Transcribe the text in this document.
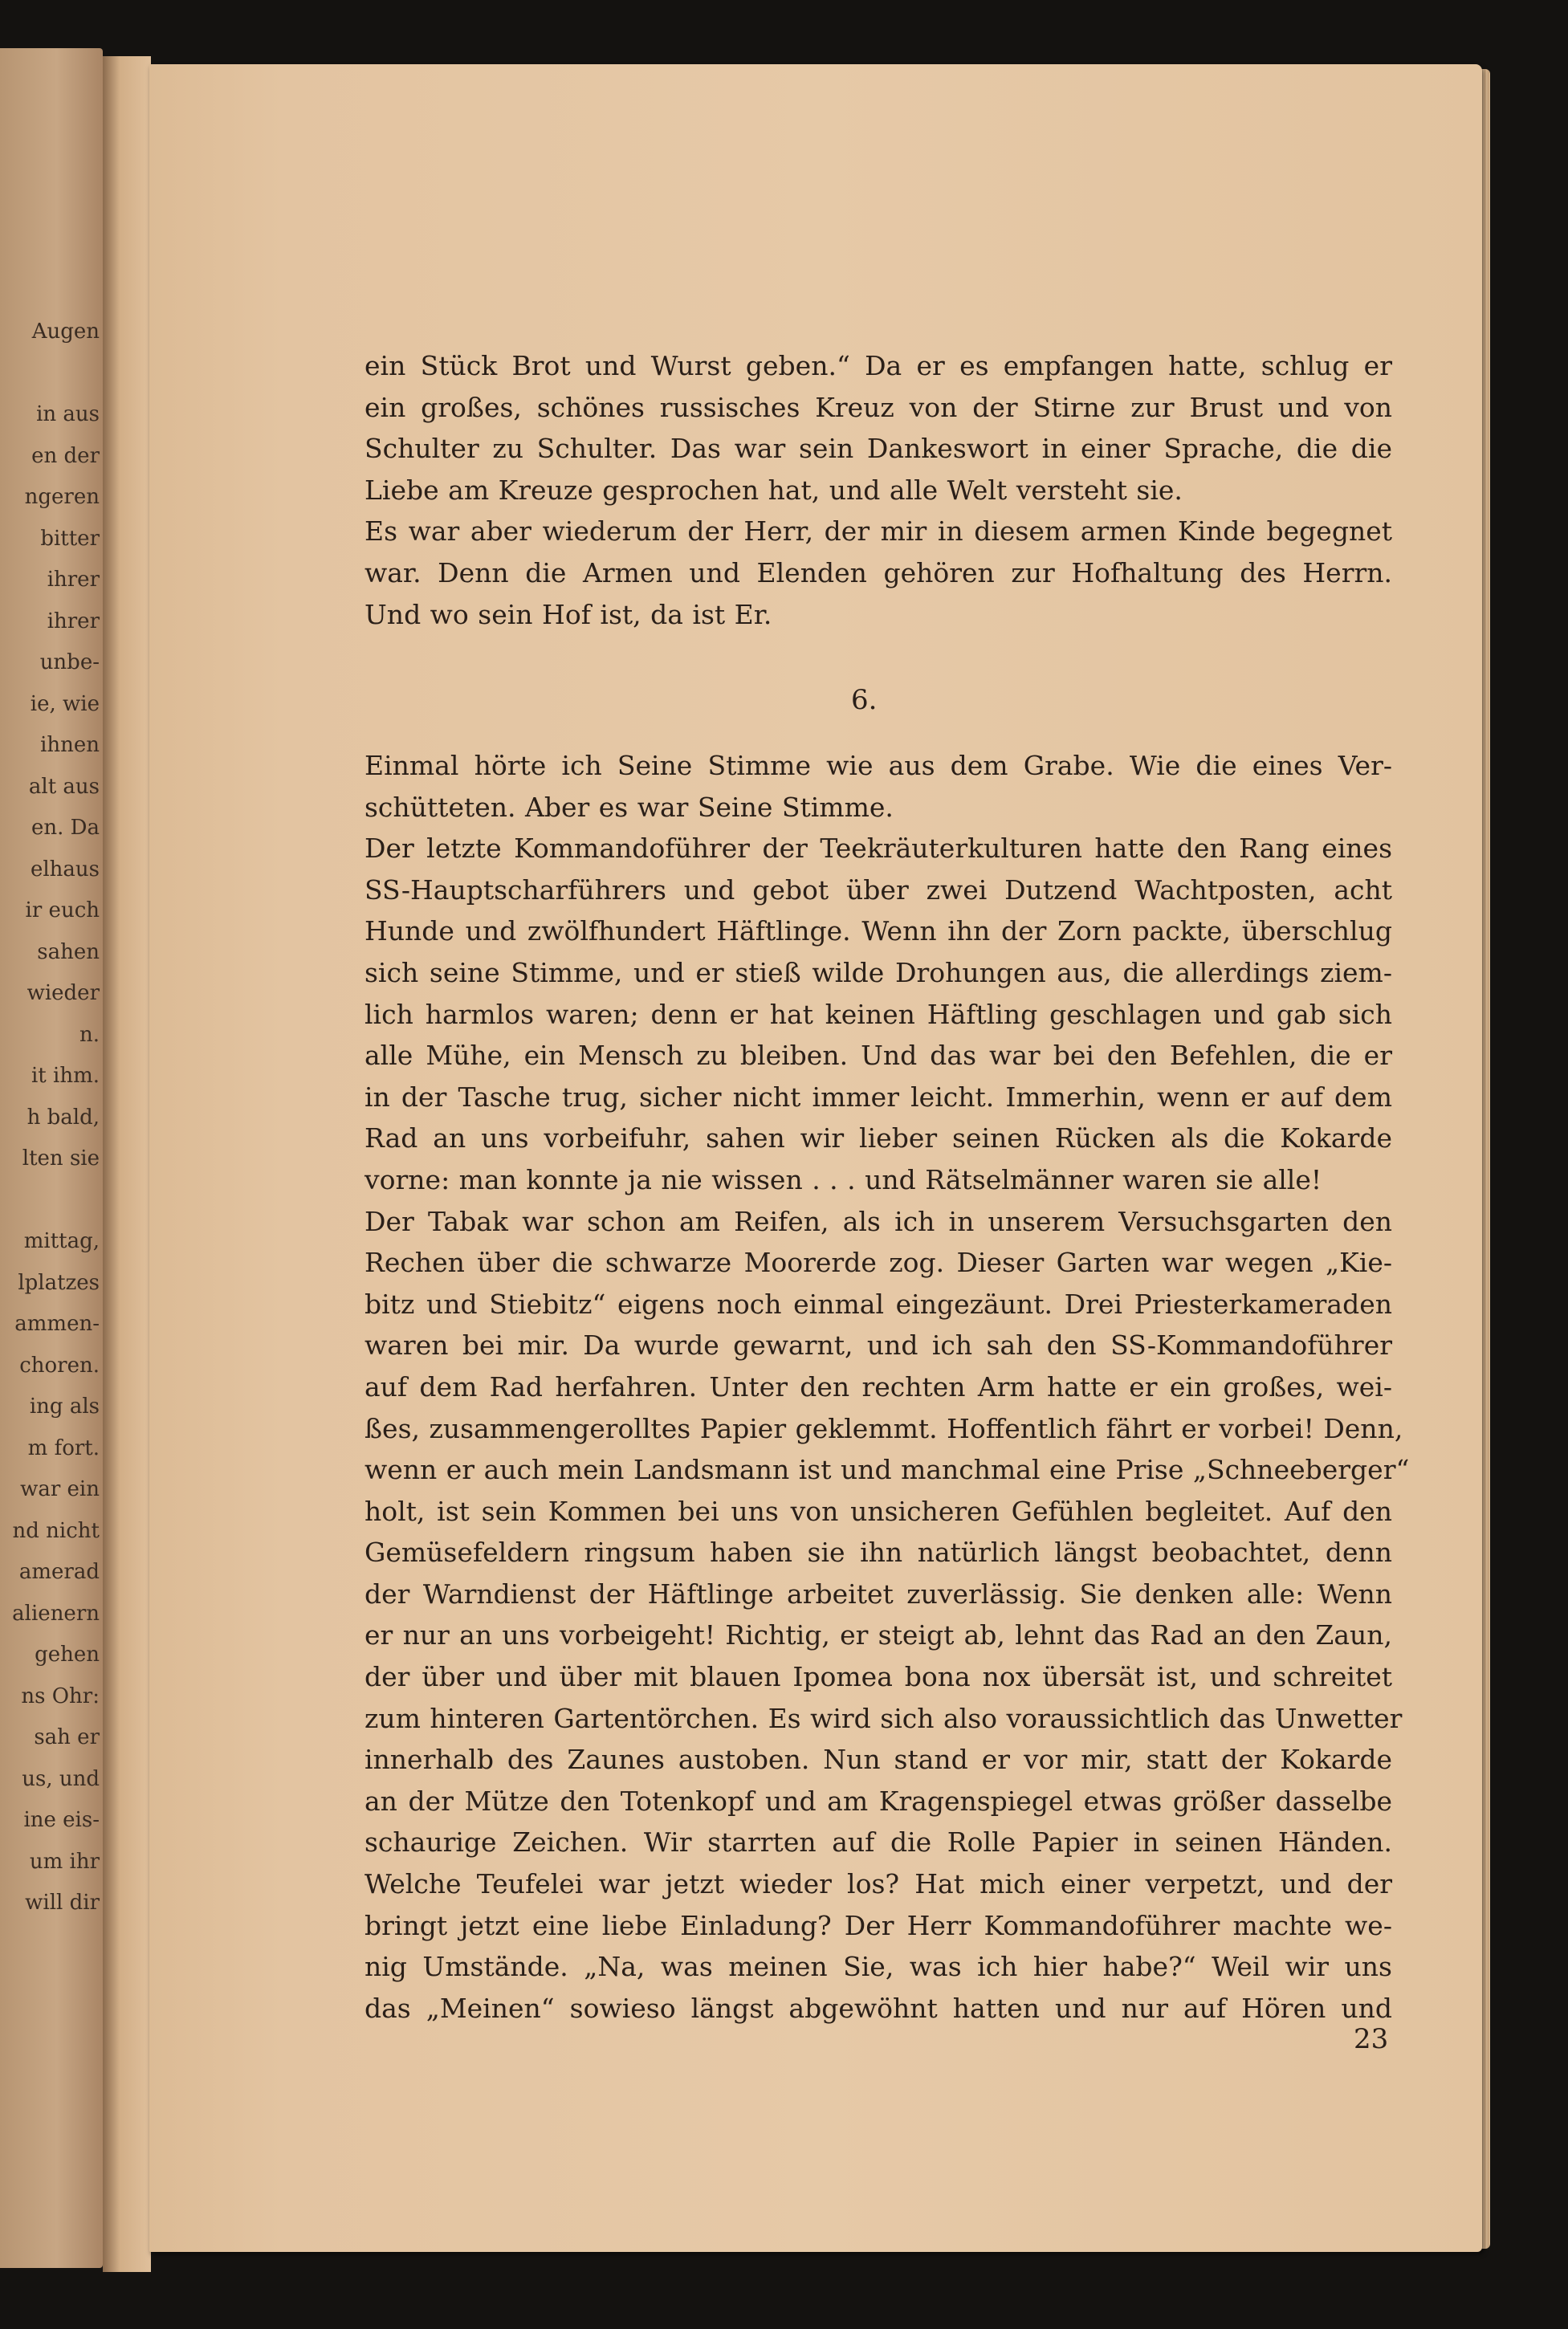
Augen
in aus
en der
ngeren
bitter
ihrer
ihrer
unbe-
ie, wie
ihnen
alt aus
en. Da
elhaus
ir euch
sahen
wieder
n.
it ihm.
h bald,
lten sie
mittag,
lplatzes
ammen-
choren.
ing als
m fort.
war ein
nd nicht
amerad
alienern
gehen
ns Ohr:
sah er
us, und
ine eis-
um ihr
will dir
ein Stück Brot und Wurst geben.“ Da er es empfangen hatte, schlug er
ein großes, schönes russisches Kreuz von der Stirne zur Brust und von
Schulter zu Schulter. Das war sein Dankeswort in einer Sprache, die die
Liebe am Kreuze gesprochen hat, und alle Welt versteht sie.
Es war aber wiederum der Herr, der mir in diesem armen Kinde begegnet
war. Denn die Armen und Elenden gehören zur Hofhaltung des Herrn.
Und wo sein Hof ist, da ist Er.
6.
Einmal hörte ich Seine Stimme wie aus dem Grabe. Wie die eines Ver-
schütteten. Aber es war Seine Stimme.
Der letzte Kommandoführer der Teekräuterkulturen hatte den Rang eines
SS-Hauptscharführers und gebot über zwei Dutzend Wachtposten, acht
Hunde und zwölfhundert Häftlinge. Wenn ihn der Zorn packte, überschlug
sich seine Stimme, und er stieß wilde Drohungen aus, die allerdings ziem-
lich harmlos waren; denn er hat keinen Häftling geschlagen und gab sich
alle Mühe, ein Mensch zu bleiben. Und das war bei den Befehlen, die er
in der Tasche trug, sicher nicht immer leicht. Immerhin, wenn er auf dem
Rad an uns vorbeifuhr, sahen wir lieber seinen Rücken als die Kokarde
vorne: man konnte ja nie wissen . . . und Rätselmänner waren sie alle!
Der Tabak war schon am Reifen, als ich in unserem Versuchsgarten den
Rechen über die schwarze Moorerde zog. Dieser Garten war wegen „Kie-
bitz und Stiebitz“ eigens noch einmal eingezäunt. Drei Priesterkameraden
waren bei mir. Da wurde gewarnt, und ich sah den SS-Kommandoführer
auf dem Rad herfahren. Unter den rechten Arm hatte er ein großes, wei-
ßes, zusammengerolltes Papier geklemmt. Hoffentlich fährt er vorbei! Denn,
wenn er auch mein Landsmann ist und manchmal eine Prise „Schneeberger“
holt, ist sein Kommen bei uns von unsicheren Gefühlen begleitet. Auf den
Gemüsefeldern ringsum haben sie ihn natürlich längst beobachtet, denn
der Warndienst der Häftlinge arbeitet zuverlässig. Sie denken alle: Wenn
er nur an uns vorbeigeht! Richtig, er steigt ab, lehnt das Rad an den Zaun,
der über und über mit blauen Ipomea bona nox übersät ist, und schreitet
zum hinteren Gartentörchen. Es wird sich also voraussichtlich das Unwetter
innerhalb des Zaunes austoben. Nun stand er vor mir, statt der Kokarde
an der Mütze den Totenkopf und am Kragenspiegel etwas größer dasselbe
schaurige Zeichen. Wir starrten auf die Rolle Papier in seinen Händen.
Welche Teufelei war jetzt wieder los? Hat mich einer verpetzt, und der
bringt jetzt eine liebe Einladung? Der Herr Kommandoführer machte we-
nig Umstände. „Na, was meinen Sie, was ich hier habe?“ Weil wir uns
das „Meinen“ sowieso längst abgewöhnt hatten und nur auf Hören und
23
